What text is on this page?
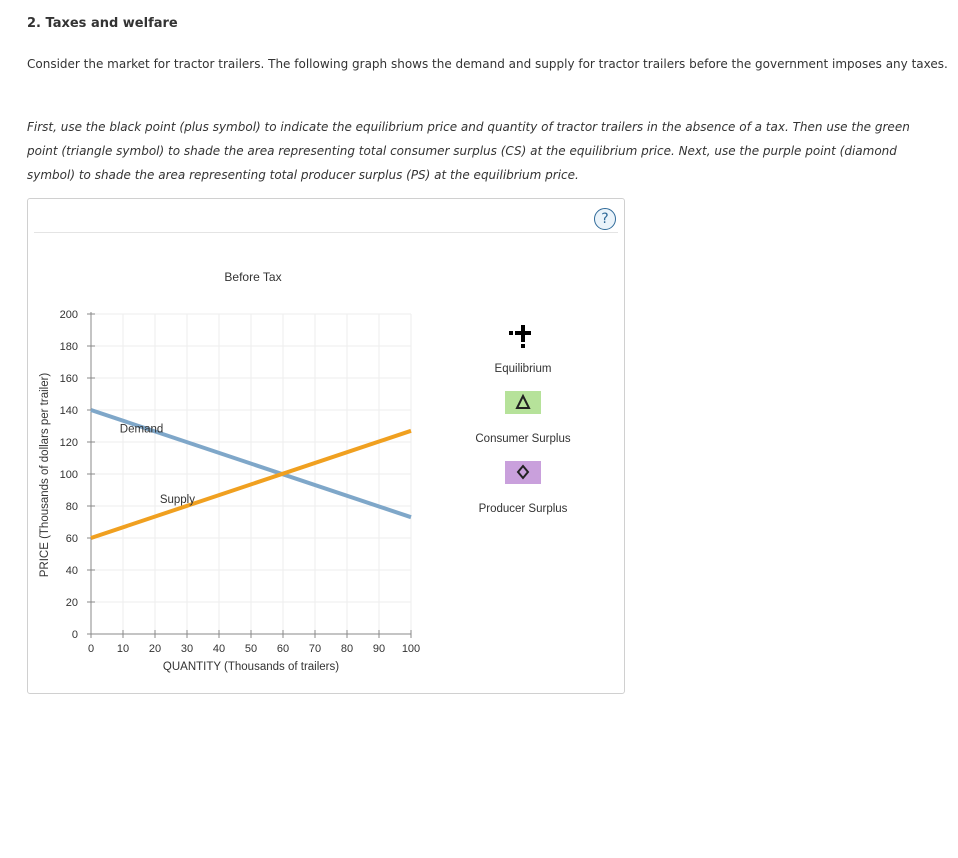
2. Taxes and welfare
Consider the market for tractor trailers. The following graph shows the demand and supply for tractor trailers before the government imposes any taxes.
First, use the black point (plus symbol) to indicate the equilibrium price and quantity of tractor trailers in the absence of a tax. Then use the green point (triangle symbol) to shade the area representing total consumer surplus (CS) at the equilibrium price. Next, use the purple point (diamond symbol) to shade the area representing total producer surplus (PS) at the equilibrium price.
?
Before Tax
0 10 20 30 40 50 60 70 80 90 100
0
20
40
60
80
100
120
140
160
180
200
Demand
Supply
QUANTITY (Thousands of trailers)
PRICE (Thousands of dollars per trailer)
Equilibrium
Consumer Surplus
Producer Surplus
